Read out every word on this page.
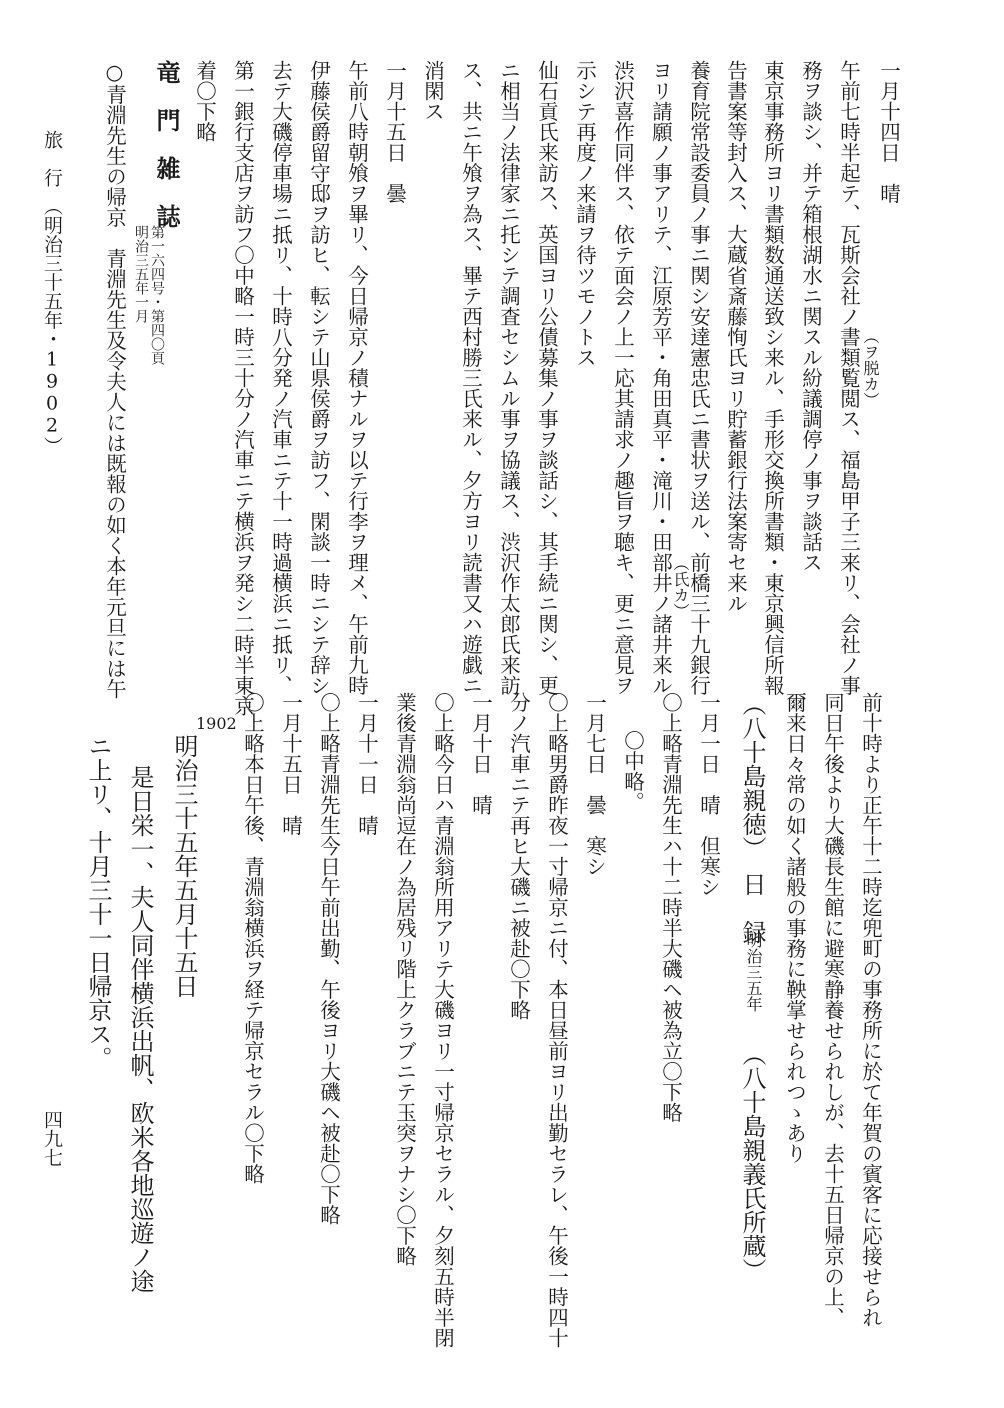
一月十四日　晴
午前七時半起テ、瓦斯会社ノ書類覧閲ス、福島甲子三来リ、会社ノ事 （ヲ脱カ）
務ヲ談シ、并テ箱根湖水ニ関スル紛議調停ノ事ヲ談話ス
東京事務所ヨリ書類数通送致シ来ル、手形交換所書類・東京興信所報
告書案等封入ス、大蔵省斎藤恂氏ヨリ貯蓄銀行法案寄セ来ル
養育院常設委員ノ事ニ関シ安達憲忠氏ニ書状ヲ送ル、前橋三十九銀行
ヨリ請願ノ事アリテ、江原芳平・角田真平・滝川・田部井ノ諸井来ル
（氏カ）
渋沢喜作同伴ス、依テ面会ノ上一応其請求ノ趣旨ヲ聴キ、更ニ意見ヲ
示シテ再度ノ来請ヲ待ツモノトス
仙石貢氏来訪ス、英国ヨリ公債募集ノ事ヲ談話シ、其手続ニ関シ、更
ニ相当ノ法律家ニ托シテ調査セシムル事ヲ協議ス、渋沢作太郎氏来訪
ス、共ニ午飧ヲ為ス、畢テ西村勝三氏来ル、夕方ヨリ読書又ハ遊戯ニ
消閑ス
一月十五日　曇
午前八時朝飧ヲ畢リ、今日帰京ノ積ナルヲ以テ行李ヲ理メ、午前九時
伊藤侯爵留守邸ヲ訪ヒ、転シテ山県侯爵ヲ訪フ、閑談一時ニシテ辞シ
去テ大磯停車場ニ抵リ、十時八分発ノ汽車ニテ十一時過横浜ニ抵リ、
第一銀行支店ヲ訪フ〇中略一時三十分ノ汽車ニテ横浜ヲ発シ二時半東京
着〇下略
竜　門　雑　誌
第一六四号・第四〇頁
明治三五年一月
○青淵先生の帰京　青淵先生及令夫人には既報の如く本年元旦には午
旅　行　（明治三十五年・1902）
前十時より正午十二時迄兜町の事務所に於て年賀の賓客に応接せられ
同日午後より大磯長生館に避寒静養せられしが、去十五日帰京の上、
爾来日々常の如く諸般の事務に鞅掌せられつゝあり
（八十島親徳）　日　録
明治三五年
（八十島親義氏所蔵）
一月一日　晴　但寒シ
〇上略青淵先生ハ十二時半大磯ヘ被為立〇下略
〇中略。
一月七日　曇　寒シ
〇上略男爵昨夜一寸帰京ニ付、本日昼前ヨリ出勤セラレ、午後一時四十
分ノ汽車ニテ再ヒ大磯ニ被赴〇下略
一月十日　晴
〇上略今日ハ青淵翁所用アリテ大磯ヨリ一寸帰京セラル、夕刻五時半閉
業後青淵翁尚逗在ノ為居残リ階上クラブニテ玉突ヲナシ〇下略
一月十一日　晴
〇上略青淵先生今日午前出勤、午後ヨリ大磯ヘ被赴〇下略
一月十五日　晴
〇上略本日午後、青淵翁横浜ヲ経テ帰京セラル〇下略
1902
明治三十五年五月十五日
是日栄一、夫人同伴横浜出帆、欧米各地巡遊ノ途
ニ上リ、十月三十一日帰京ス。
四九七
